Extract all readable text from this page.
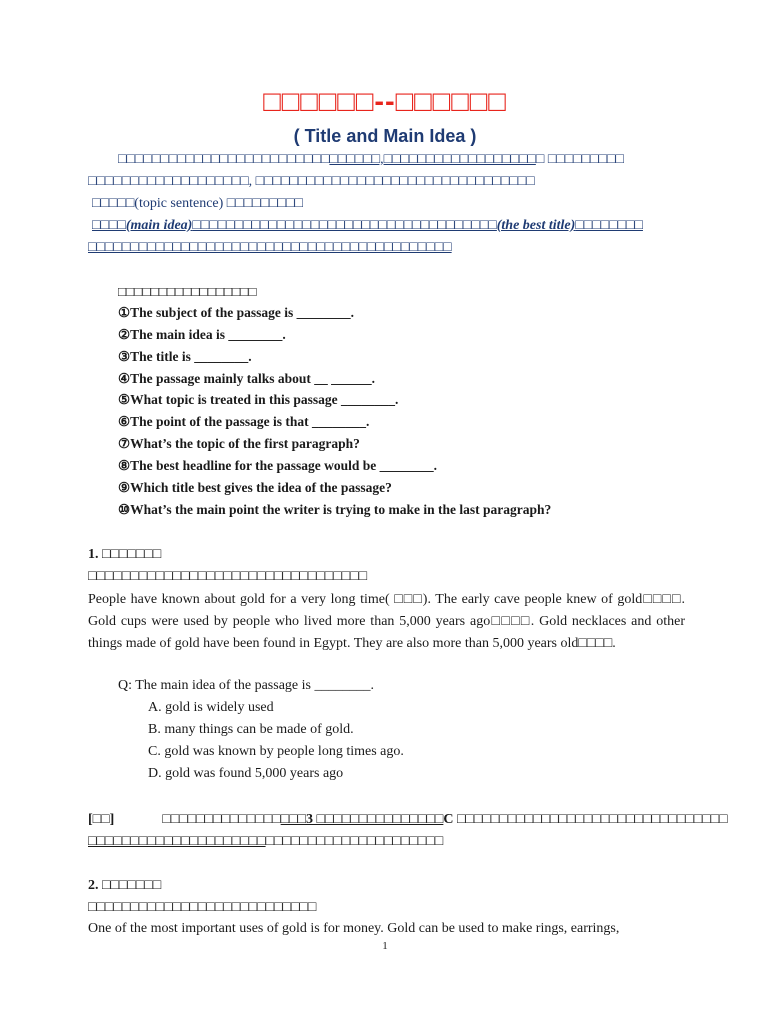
□□□□□□--□□□□□□
( Title and Main Idea )
□□□□□□□□□□□□□□□□□□□□□□□□□□□□□□□,□□□□□□□□□□□□□□□□□□□ □□□□□□□□□
□□□□□□□□□□□□□□□□□□□, □□□□□□□□□□□□□□□□□□□□□□□□□□□□□□□□□
□□□□□(topic sentence) □□□□□□□□□
□□□□(main idea)□□□□□□□□□□□□□□□□□□□□□□□□□□□□□□□□□□□□(the best title)□□□□□□□□
□□□□□□□□□□□□□□□□□□□□□□□□□□□□□□□□□□□□□□□□□□□
□□□□□□□□□□□□□□□□□
①The subject of the passage is ________.
②The main idea is ________.
③The title is ________.
④The passage mainly talks about __ ______.
⑤What topic is treated in this passage ________.
⑥The point of the passage is that ________.
⑦What’s the topic of the first paragraph?
⑧The best headline for the passage would be ________.
⑨Which title best gives the idea of the passage?
⑩What’s the main point the writer is trying to make in the last paragraph?
1. □□□□□□□
□□□□□□□□□□□□□□□□□□□□□□□□□□□□□□□□□
People have known about gold for a very long time( □□□). The early cave people knew of gold□□□□. Gold cups were used by people who lived more than 5,000 years ago□□□□. Gold necklaces and other things made of gold have been found in Egypt. They are also more than 5,000 years old□□□□.
Q: The main idea of the passage is ________.
A. gold is widely used
B. many things can be made of gold.
C. gold was known by people long times ago.
D. gold was found 5,000 years ago
[□□]	□□□□□□□□□□□□□□□□□3 □□□□□□□□□□□□□□□C □□□□□□□□□□□□□□□□□□□□□□□□□□□□□□□□
□□□□□□□□□□□□□□□□□□□□□□□□□□□□□□□□□□□□□□□□□□
2. □□□□□□□
□□□□□□□□□□□□□□□□□□□□□□□□□□□
One of the most important uses of gold is for money. Gold can be used to make rings, earrings,
1
